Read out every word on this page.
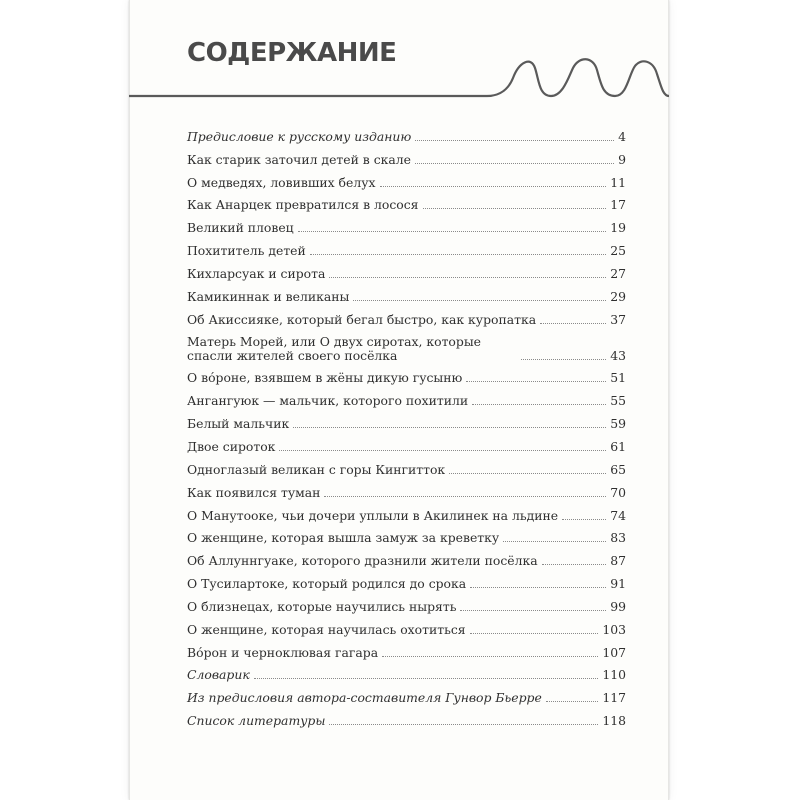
СОДЕРЖАНИЕ
Предисловие к русскому изданию	4
Как старик заточил детей в скале	9
О медведях, ловивших белух	11
Как Анарцек превратился в лосося	17
Великий пловец	19
Похититель детей	25
Кихларсуак и сирота	27
Камикиннак и великаны	29
Об Акиссияке, который бегал быстро, как куропатка	37
Матерь Морей, или О двух сиротах, которые спасли жителей своего посёлка	43
О вóроне, взявшем в жёны дикую гусыню	51
Ангангуюк — мальчик, которого похитили	55
Белый мальчик	59
Двое сироток	61
Одноглазый великан с горы Кингитток	65
Как появился туман	70
О Манутооке, чьи дочери уплыли в Акилинек на льдине	74
О женщине, которая вышла замуж за креветку	83
Об Аллуннгуаке, которого дразнили жители посёлка	87
О Тусилартоке, который родился до срока	91
О близнецах, которые научились нырять	99
О женщине, которая научилась охотиться	103
Вóрон и черноклювая гагара	107
Словарик	110
Из предисловия автора-составителя Гунвор Бьерре	117
Список литературы	118
